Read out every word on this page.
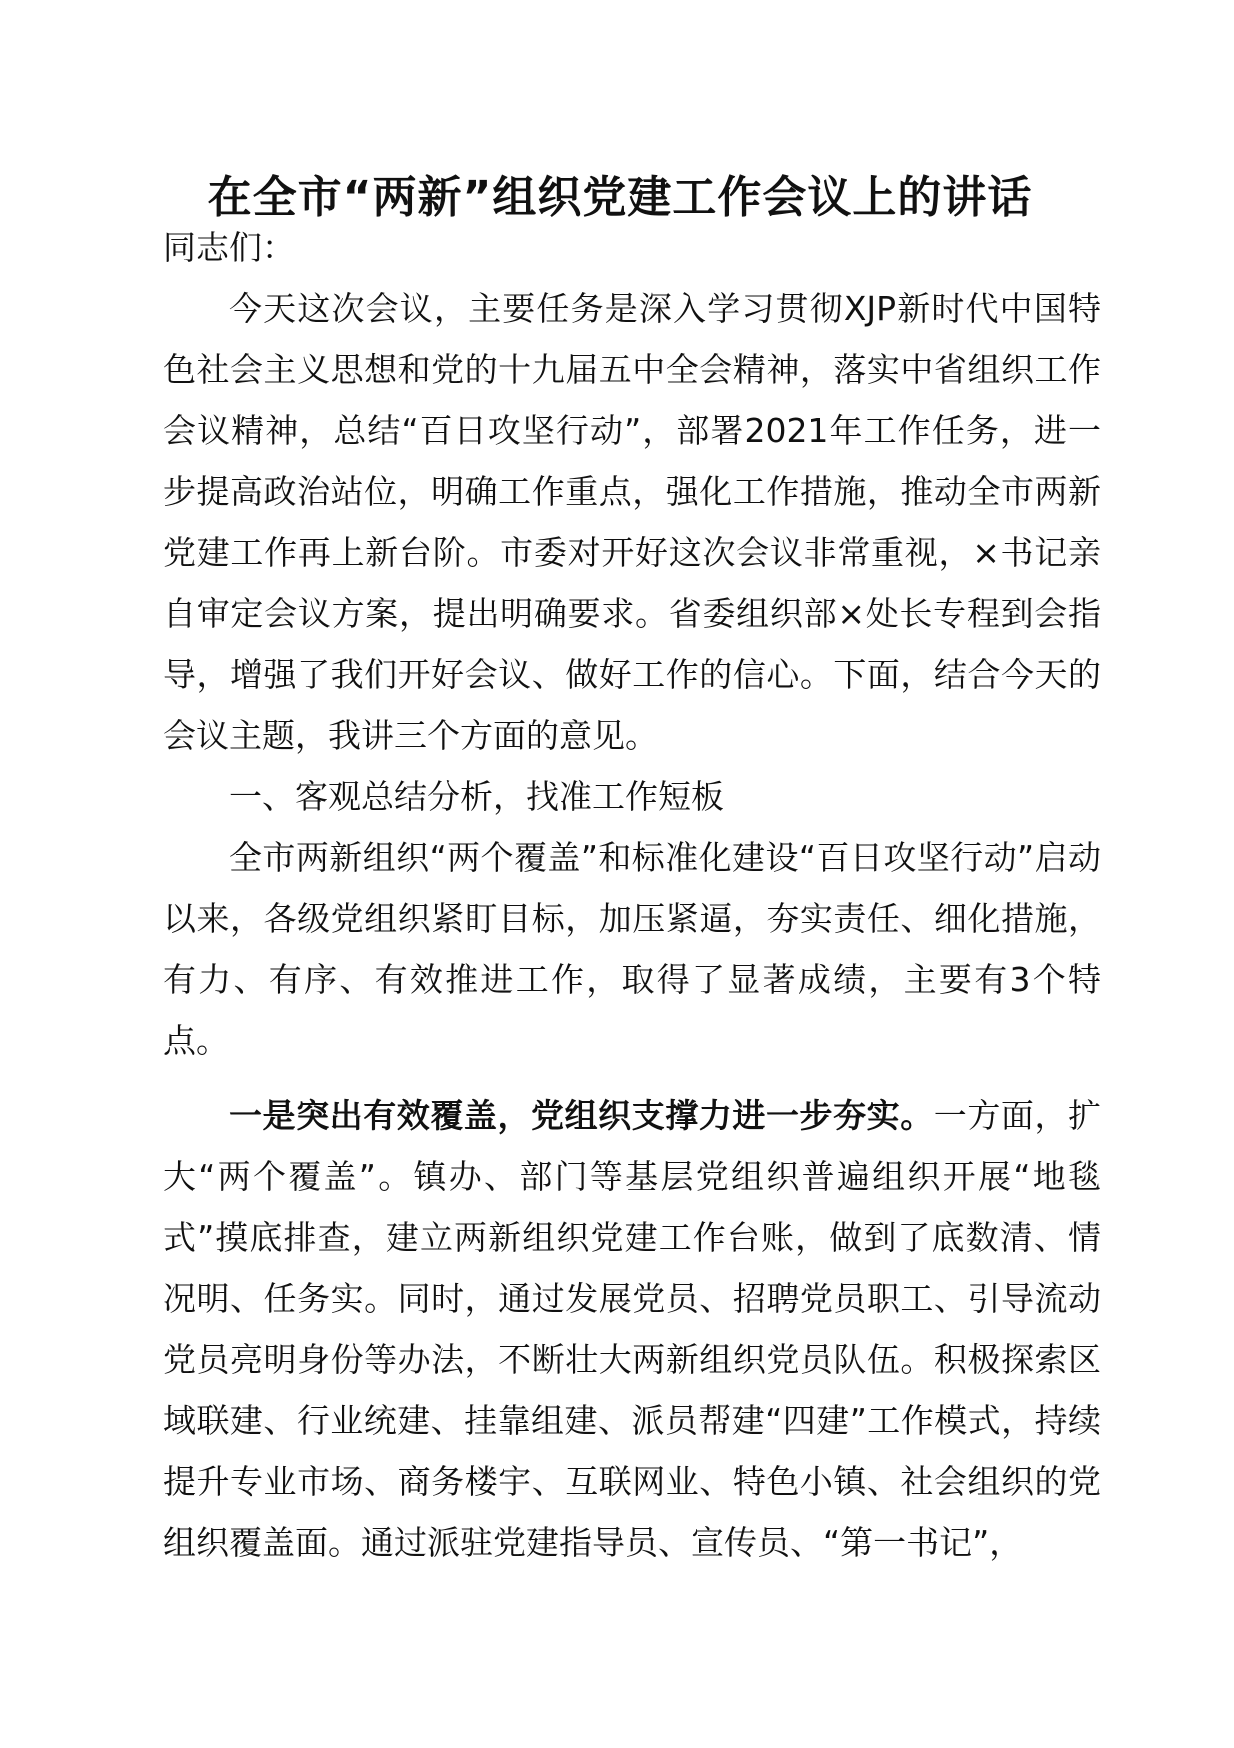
在全市“两新”组织党建工作会议上的讲话

同志们：

今天这次会议，主要任务是深入学习贯彻XJP新时代中国特色社会主义思想和党的十九届五中全会精神，落实中省组织工作会议精神，总结“百日攻坚行动”，部署2021年工作任务，进一步提高政治站位，明确工作重点，强化工作措施，推动全市两新党建工作再上新台阶。市委对开好这次会议非常重视，×书记亲自审定会议方案，提出明确要求。省委组织部×处长专程到会指导，增强了我们开好会议、做好工作的信心。下面，结合今天的会议主题，我讲三个方面的意见。

一、客观总结分析，找准工作短板

全市两新组织“两个覆盖”和标准化建设“百日攻坚行动”启动以来，各级党组织紧盯目标，加压紧逼，夯实责任、细化措施，有力、有序、有效推进工作，取得了显著成绩，主要有3个特点。

一是突出有效覆盖，党组织支撑力进一步夯实。一方面，扩大“两个覆盖”。镇办、部门等基层党组织普遍组织开展“地毯式”摸底排查，建立两新组织党建工作台账，做到了底数清、情况明、任务实。同时，通过发展党员、招聘党员职工、引导流动党员亮明身份等办法，不断壮大两新组织党员队伍。积极探索区域联建、行业统建、挂靠组建、派员帮建“四建”工作模式，持续提升专业市场、商务楼宇、互联网业、特色小镇、社会组织的党组织覆盖面。通过派驻党建指导员、宣传员、“第一书记”，
